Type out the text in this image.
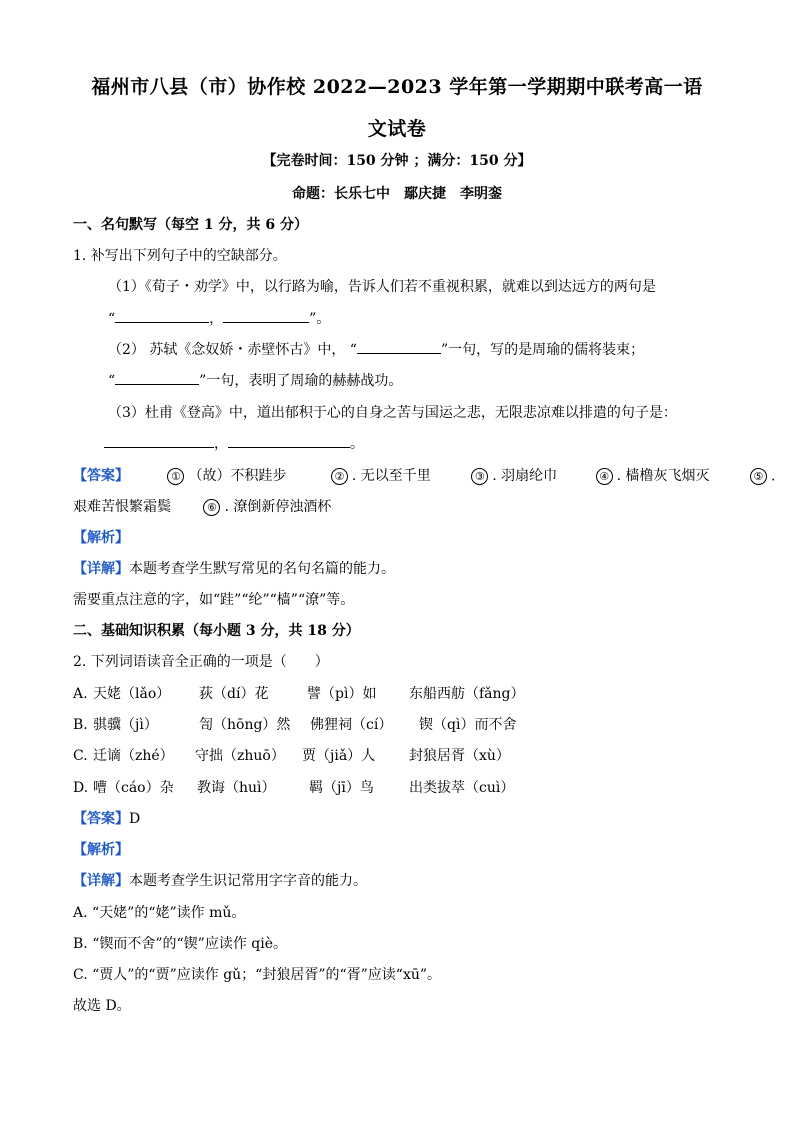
福州市八县（市）协作校 2022—2023 学年第一学期期中联考高一语
文试卷
【完卷时间：150 分钟 ；满分：150 分】
命题：长乐七中　鄢庆捷　李明銮
一、名句默写（每空 1 分，共 6 分）
1. 补写出下列句子中的空缺部分。
（1）《荀子・劝学》中，以行路为喻，告诉人们若不重视积累，就难以到达远方的两句是
“	，	”。
（2） 苏轼《念奴娇・赤壁怀古》中， “	”一句，写的是周瑜的儒将装束；
“	”一句，表明了周瑜的赫赫战功。
（3）杜甫《登高》中，道出郁积于心的自身之苦与国运之悲，无限悲凉难以排遣的句子是：
，	。
【答案】	① （故）不积跬步	② . 无以至千里	③ . 羽扇纶巾	④ . 樯橹灰飞烟灭	⑤ .
艰难苦恨繁霜鬓	⑥ . 潦倒新停浊酒杯
【解析】
【详解】本题考查学生默写常见的名句名篇的能力。
需要重点注意的字，如“跬”“纶”“樯”“潦”等。
二、基础知识积累（每小题 3 分，共 18 分）
2. 下列词语读音全正确的一项是（　　）
A. 天姥（lǎo） 荻（dí）花	譬（pì）如 东船西舫（fǎng）
B. 骐骥（jì）	訇（hōng）然 佛狸祠（cí） 锲（qì）而不舍
C. 迁谪（zhé） 守拙（zhuō） 贾（jiǎ）人 封狼居胥（xù）
D. 嘈（cáo）杂 教诲（huì） 羁（jī）鸟	出类拔萃（cuì）
【答案】D
【解析】
【详解】本题考查学生识记常用字字音的能力。
A. “天姥”的“姥”读作 mǔ。
B. “锲而不舍”的“锲”应读作 qiè。
C. “贾人”的“贾”应读作 gǔ；“封狼居胥”的“胥”应读“xū”。
故选 D。
